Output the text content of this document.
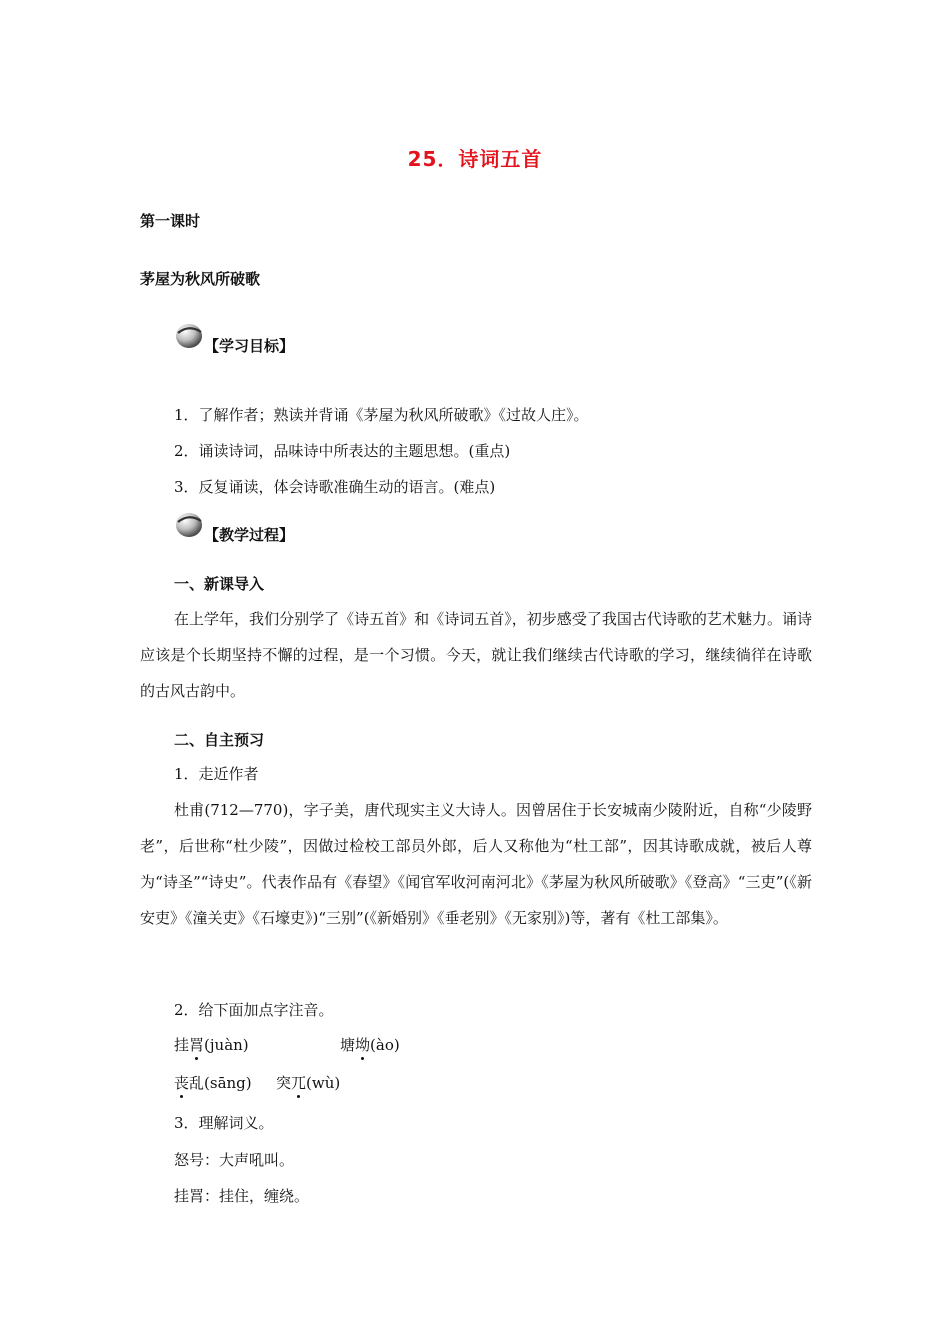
25．诗词五首
第一课时
茅屋为秋风所破歌
【学习目标】
1．了解作者；熟读并背诵《茅屋为秋风所破歌》《过故人庄》。
2．诵读诗词，品味诗中所表达的主题思想。(重点)
3．反复诵读，体会诗歌准确生动的语言。(难点)
【教学过程】
一、新课导入
在上学年，我们分别学了《诗五首》和《诗词五首》，初步感受了我国古代诗歌的艺术魅力。诵诗应该是个长期坚持不懈的过程，是一个习惯。今天，就让我们继续古代诗歌的学习，继续徜徉在诗歌的古风古韵中。
二、自主预习
1．走近作者
杜甫(712—770)，字子美，唐代现实主义大诗人。因曾居住于长安城南少陵附近，自称“少陵野老”，后世称“杜少陵”，因做过检校工部员外郎，后人又称他为“杜工部”，因其诗歌成就，被后人尊为“诗圣”“诗史”。代表作品有《春望》《闻官军收河南河北》《茅屋为秋风所破歌》《登高》“三吏”(《新安吏》《潼关吏》《石壕吏》)“三别”(《新婚别》《垂老别》《无家别》)等，著有《杜工部集》。
2．给下面加点字注音。
挂罥(juàn)	塘坳(ào)
丧乱(sāng) 突兀(wù)
3．理解词义。
怒号：大声吼叫。
挂罥：挂住，缠绕。
